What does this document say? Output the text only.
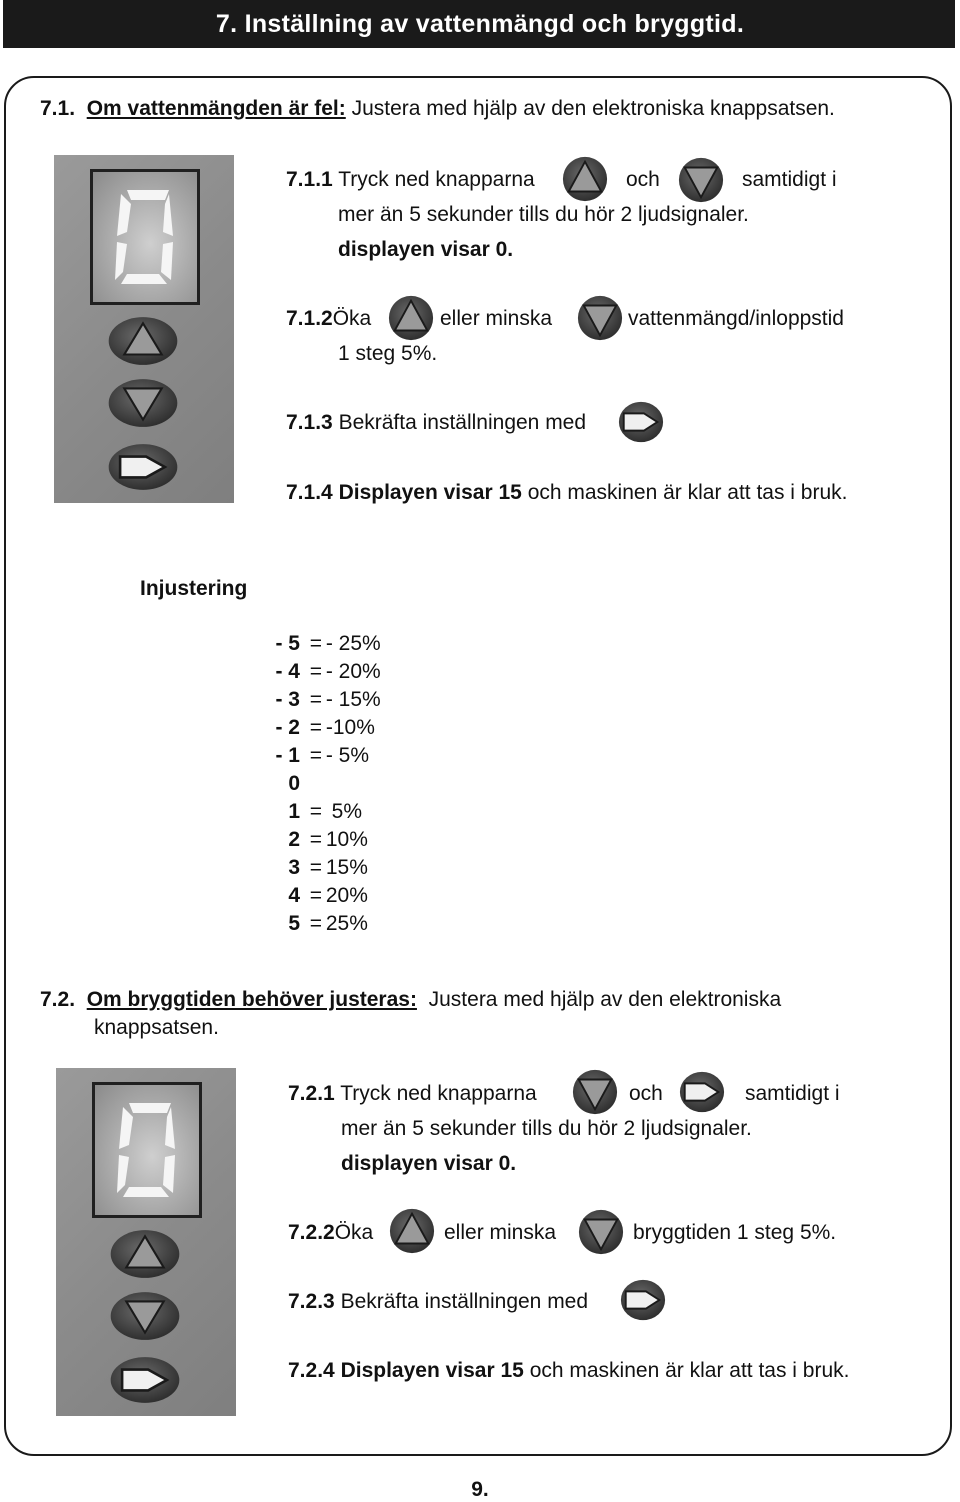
7. Inställning av vattenmängd och bryggtid.
7.1. Om vattenmängden är fel: Justera med hjälp av den elektroniska knappsatsen.
7.1.1 Tryck ned knapparna	och	samtidigt i
mer än 5 sekunder tills du hör 2 ljudsignaler.
displayen visar 0.
7.1.2Öka	eller minska	vattenmängd/inloppstid
1 steg 5%.
7.1.3 Bekräfta inställningen med
7.1.4 Displayen visar 15 och maskinen är klar att tas i bruk.
Injustering
- 5 = - 25%
- 4 = - 20%
- 3 = - 15%
- 2 = -10%
- 1 = - 5%
0
1 = 5%
2 = 10%
3 = 15%
4 = 20%
5 = 25%
7.2. Om bryggtiden behöver justeras: Justera med hjälp av den elektroniska
knappsatsen.
7.2.1 Tryck ned knapparna	och	samtidigt i
mer än 5 sekunder tills du hör 2 ljudsignaler.
displayen visar 0.
7.2.2Öka	eller minska	bryggtiden 1 steg 5%.
7.2.3 Bekräfta inställningen med
7.2.4 Displayen visar 15 och maskinen är klar att tas i bruk.
9.
